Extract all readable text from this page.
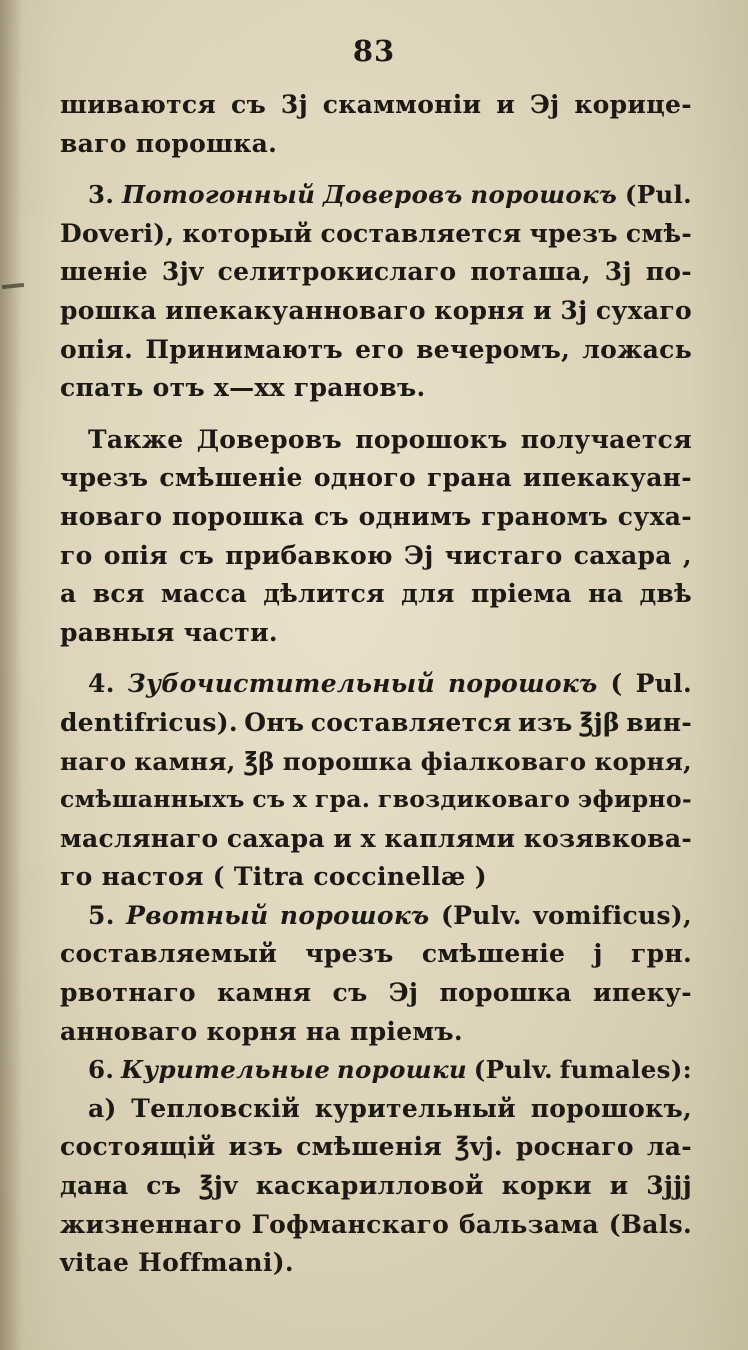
83
шиваются съ 3j скаммоніи и Эj корице-
ваго порошка.
3. Потогонный Доверовъ порошокъ (Pul.
Doveri), который составляется чрезъ смѣ-
шеніе 3jv селитрокислаго поташа, 3j по-
рошка ипекакуанноваго корня и 3j сухаго
опія. Принимаютъ его вечеромъ, ложась
спать отъ x—xx грановъ.
Также Доверовъ порошокъ получается
чрезъ смѣшеніе одного грана ипекакуан-
новаго порошка съ однимъ граномъ суха-
го опія съ прибавкою Эj чистаго сахара ,
а вся масса дѣлится для пріема на двѣ
равныя части.
4. Зубочистительный порошокъ ( Pul.
dentifricus). Онъ составляется изъ ℥jβ вин-
наго камня, ℥β порошка фіалковаго корня,
смѣшанныхъ съ x гра. гвоздиковаго эфирно-
маслянаго сахара и x каплями козявкова-
го настоя ( Titra coccinellæ )
5. Рвотный порошокъ (Pulv. vomificus),
составляемый чрезъ смѣшеніе j грн.
рвотнаго камня съ Эj порошка ипеку-
анноваго корня на пріемъ.
6. Курительные порошки (Pulv. fumales):
а) Тепловскій курительный порошокъ,
состоящій изъ смѣшенія ℥vj. роснаго ла-
дана съ ℥jv каскарилловой корки и 3jjj
жизненнаго Гофманскаго бальзама (Bals.
vitae Hoffmani).
